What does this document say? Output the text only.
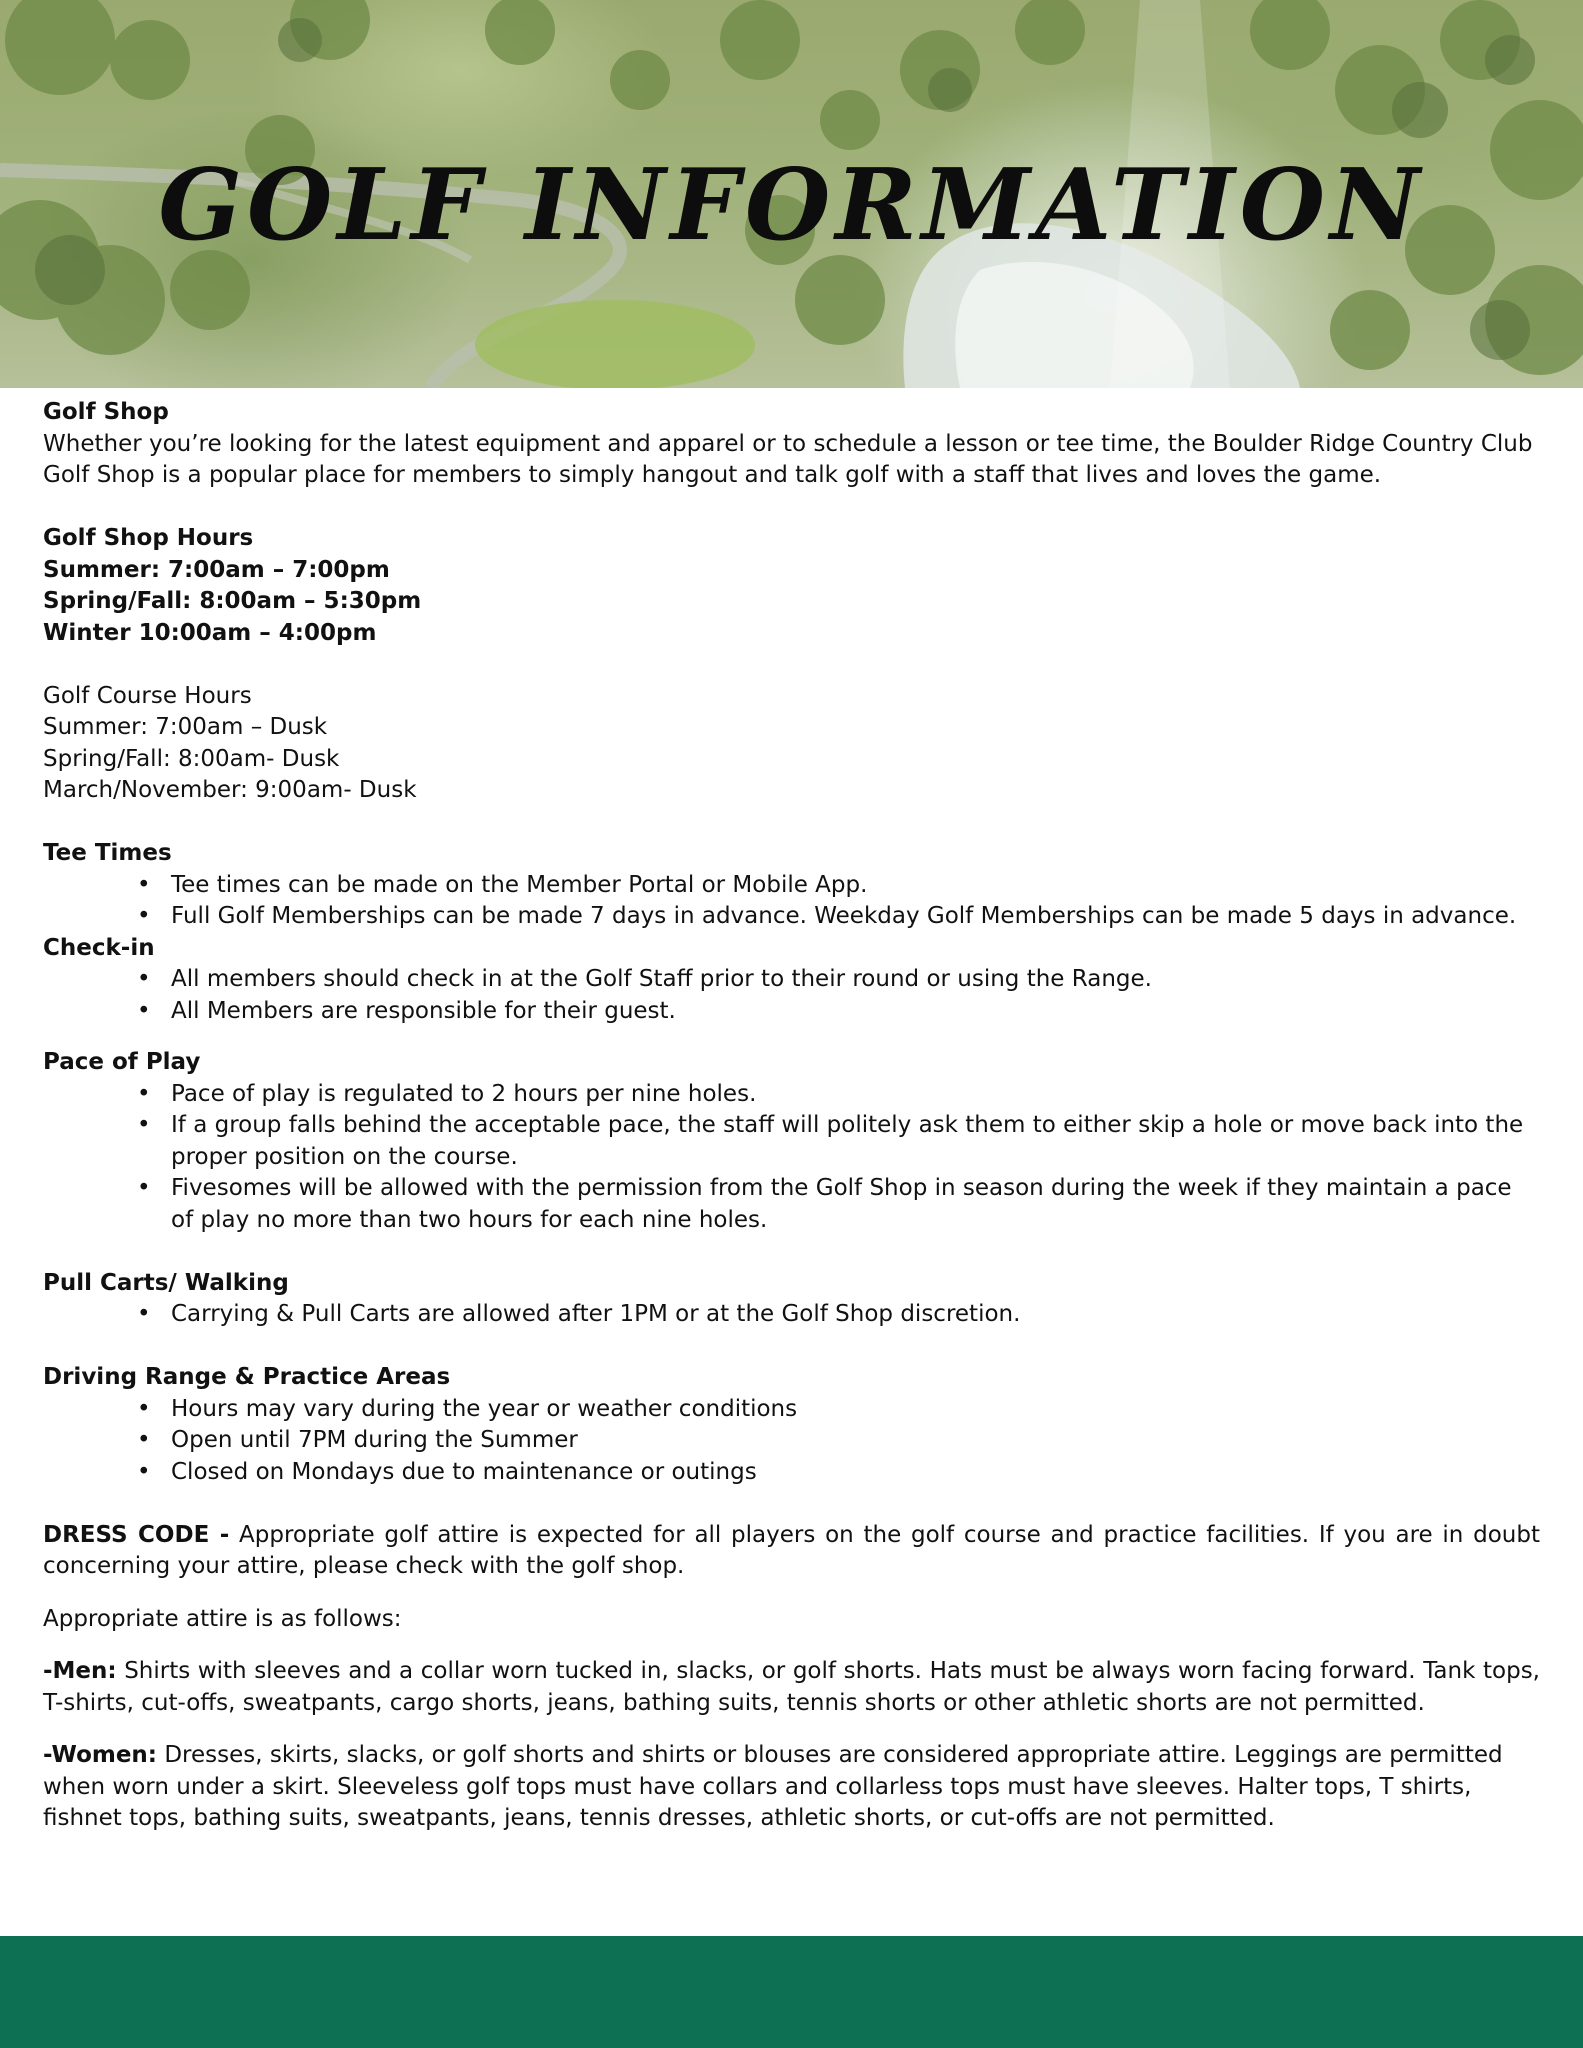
GOLF INFORMATION

Golf Shop

Whether you’re looking for the latest equipment and apparel or to schedule a lesson or tee time, the Boulder Ridge Country Club Golf Shop is a popular place for members to simply hangout and talk golf with a staff that lives and loves the game.

Golf Shop Hours

Summer: 7:00am – 7:00pm

Spring/Fall: 8:00am – 5:30pm

Winter 10:00am – 4:00pm

Golf Course Hours

Summer: 7:00am – Dusk

Spring/Fall: 8:00am- Dusk

March/November: 9:00am- Dusk

Tee Times

• Tee times can be made on the Member Portal or Mobile App.
• Full Golf Memberships can be made 7 days in advance. Weekday Golf Memberships can be made 5 days in advance.

Check-in

• All members should check in at the Golf Staff prior to their round or using the Range.
• All Members are responsible for their guest.

Pace of Play

• Pace of play is regulated to 2 hours per nine holes.
• If a group falls behind the acceptable pace, the staff will politely ask them to either skip a hole or move back into the proper position on the course.
• Fivesomes will be allowed with the permission from the Golf Shop in season during the week if they maintain a pace of play no more than two hours for each nine holes.

Pull Carts/ Walking

• Carrying & Pull Carts are allowed after 1PM or at the Golf Shop discretion.

Driving Range & Practice Areas

• Hours may vary during the year or weather conditions
• Open until 7PM during the Summer
• Closed on Mondays due to maintenance or outings

DRESS CODE - Appropriate golf attire is expected for all players on the golf course and practice facilities. If you are in doubt concerning your attire, please check with the golf shop.

Appropriate attire is as follows:

-Men: Shirts with sleeves and a collar worn tucked in, slacks, or golf shorts. Hats must be always worn facing forward. Tank tops, T-shirts, cut-offs, sweatpants, cargo shorts, jeans, bathing suits, tennis shorts or other athletic shorts are not permitted.

-Women: Dresses, skirts, slacks, or golf shorts and shirts or blouses are considered appropriate attire. Leggings are permitted when worn under a skirt. Sleeveless golf tops must have collars and collarless tops must have sleeves. Halter tops, T shirts, fishnet tops, bathing suits, sweatpants, jeans, tennis dresses, athletic shorts, or cut-offs are not permitted.
